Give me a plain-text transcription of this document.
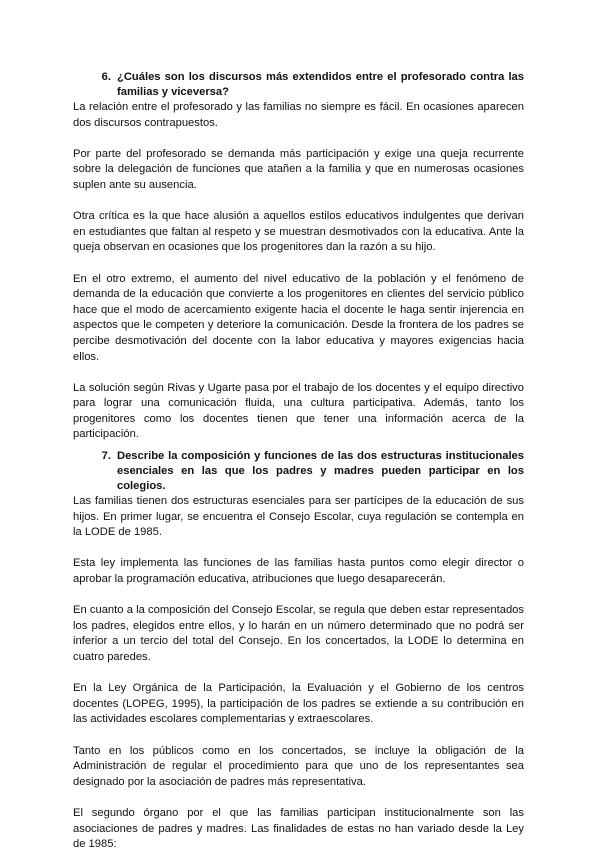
6. ¿Cuáles son los discursos más extendidos entre el profesorado contra las familias y viceversa?

La relación entre el profesorado y las familias no siempre es fácil. En ocasiones aparecen dos discursos contrapuestos.

Por parte del profesorado se demanda más participación y exige una queja recurrente sobre la delegación de funciones que atañen a la familia y que en numerosas ocasiones suplen ante su ausencia.

Otra crítica es la que hace alusión a aquellos estilos educativos indulgentes que derivan en estudiantes que faltan al respeto y se muestran desmotivados con la educativa. Ante la queja observan en ocasiones que los progenitores dan la razón a su hijo.

En el otro extremo, el aumento del nivel educativo de la población y el fenómeno de demanda de la educación que convierte a los progenitores en clientes del servicio público hace que el modo de acercamiento exigente hacia el docente le haga sentir injerencia en aspectos que le competen y deteriore la comunicación. Desde la frontera de los padres se percibe desmotivación del docente con la labor educativa y mayores exigencias hacia ellos.

La solución según Rivas y Ugarte pasa por el trabajo de los docentes y el equipo directivo para lograr una comunicación fluida, una cultura participativa. Además, tanto los progenitores como los docentes tienen que tener una información acerca de la participación.

7. Describe la composición y funciones de las dos estructuras institucionales esenciales en las que los padres y madres pueden participar en los colegios.

Las familias tienen dos estructuras esenciales para ser partícipes de la educación de sus hijos. En primer lugar, se encuentra el Consejo Escolar, cuya regulación se contempla en la LODE de 1985.

Esta ley implementa las funciones de las familias hasta puntos como elegir director o aprobar la programación educativa, atribuciones que luego desaparecerán.

En cuanto a la composición del Consejo Escolar, se regula que deben estar representados los padres, elegidos entre ellos, y lo harán en un número determinado que no podrá ser inferior a un tercio del total del Consejo. En los concertados, la LODE lo determina en cuatro paredes.

En la Ley Orgánica de la Participación, la Evaluación y el Gobierno de los centros docentes (LOPEG, 1995), la participación de los padres se extiende a su contribución en las actividades escolares complementarias y extraescolares.

Tanto en los públicos como en los concertados, se incluye la obligación de la Administración de regular el procedimiento para que uno de los representantes sea designado por la asociación de padres más representativa.

El segundo órgano por el que las familias participan institucionalmente son las asociaciones de padres y madres. Las finalidades de estas no han variado desde la Ley de 1985:
